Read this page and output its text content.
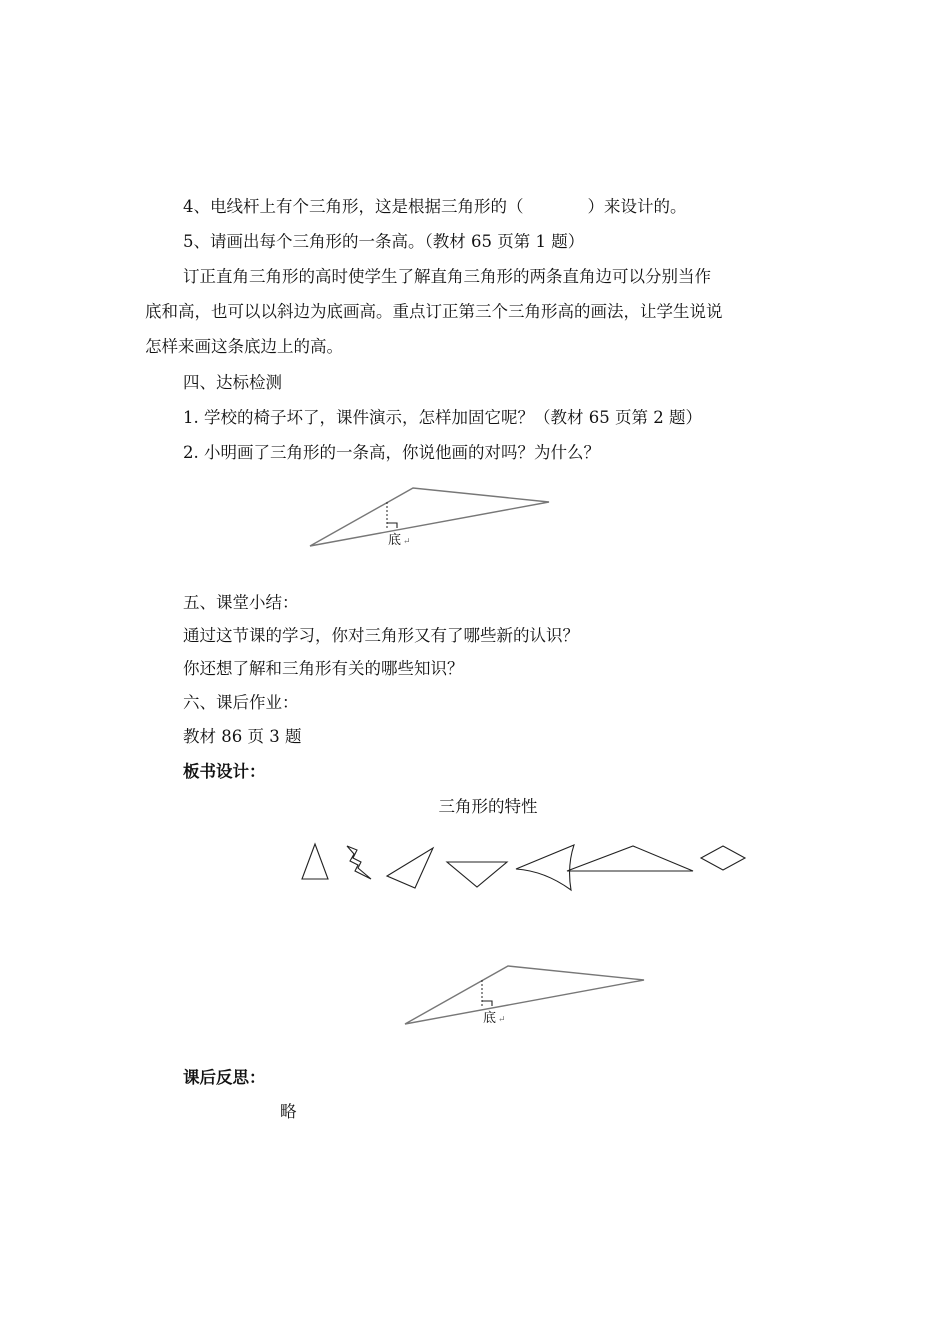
4、电线杆上有个三角形，这是根据三角形的（	）来设计的。
5、请画出每个三角形的一条高。（教材 65 页第 1 题）
订正直角三角形的高时使学生了解直角三角形的两条直角边可以分别当作
底和高，也可以以斜边为底画高。重点订正第三个三角形高的画法，让学生说说
怎样来画这条底边上的高。
四、达标检测
1. 学校的椅子坏了，课件演示，怎样加固它呢？（教材 65 页第 2 题）
2. 小明画了三角形的一条高，你说他画的对吗？为什么？
底 ↵
五、课堂小结：
通过这节课的学习，你对三角形又有了哪些新的认识？
你还想了解和三角形有关的哪些知识？
六、课后作业：
教材 86 页 3 题
板书设计：
三角形的特性
底 ↵
课后反思：
略
